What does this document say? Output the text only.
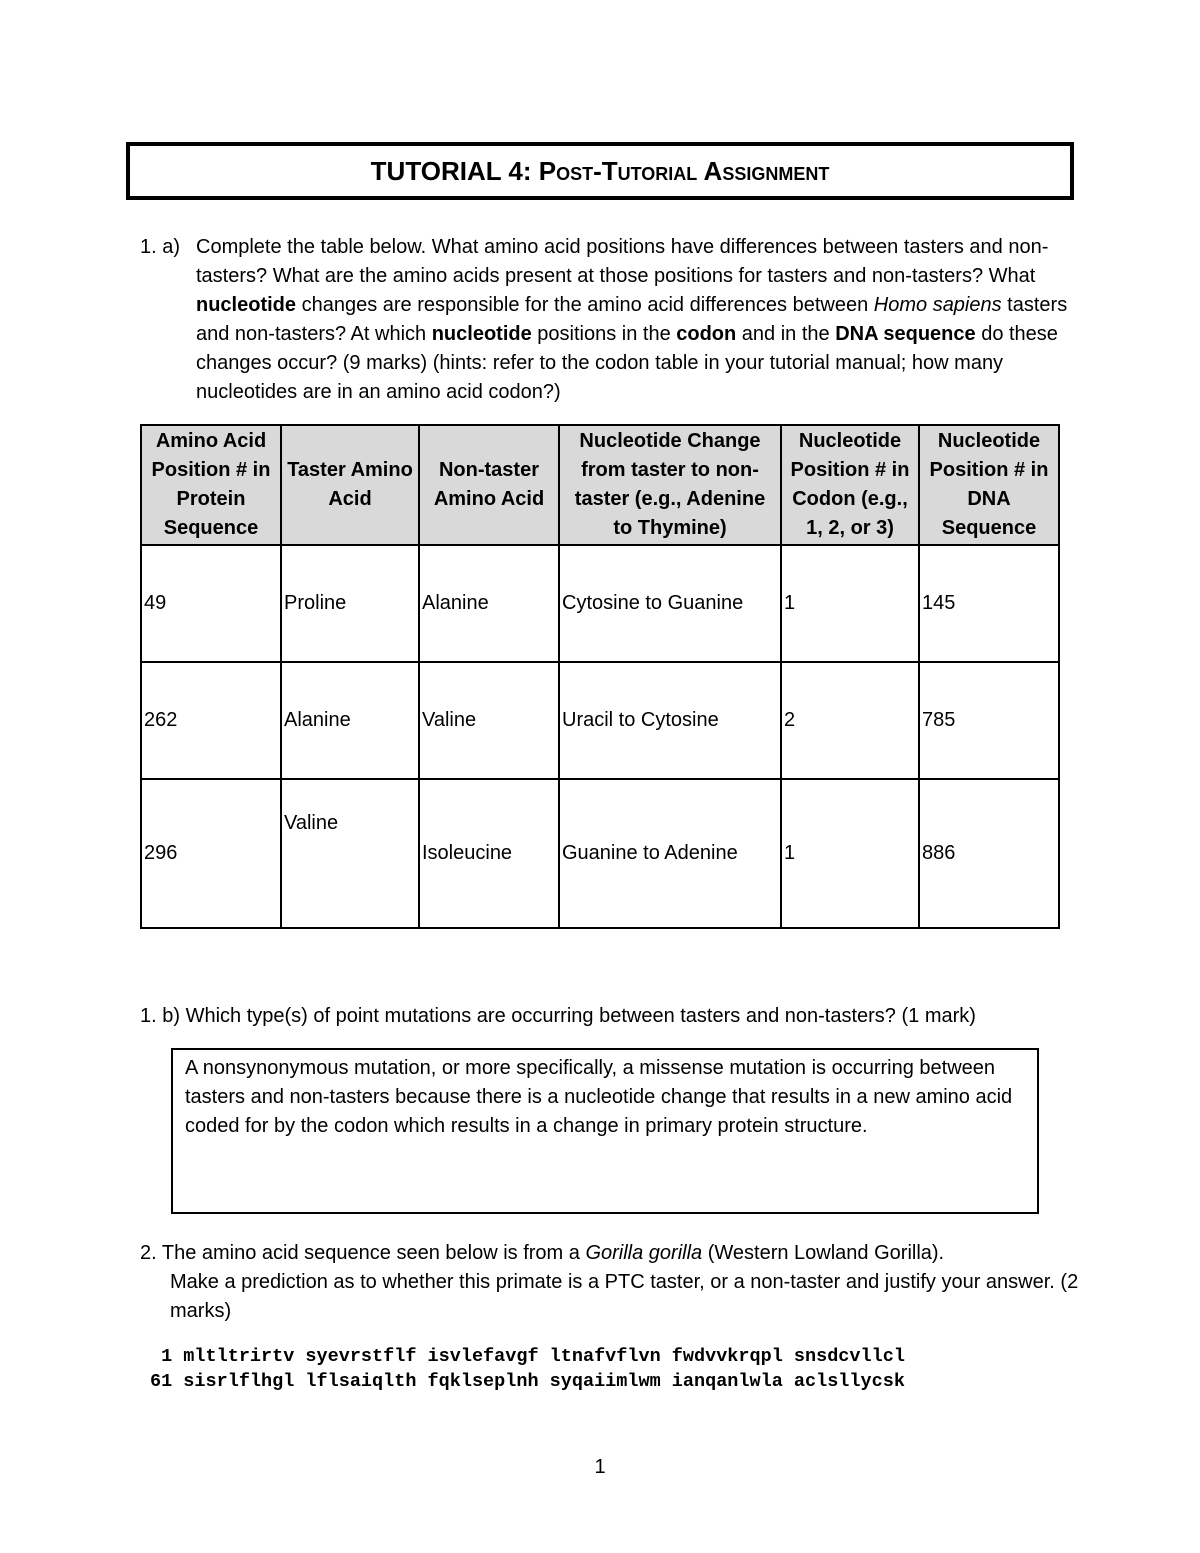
TUTORIAL 4:
Post-Tutorial Assignment
1. a) Complete the table below. What amino acid positions have differences between tasters and non-tasters? What are the amino acids present at those positions for tasters and non-tasters? What nucleotide changes are responsible for the amino acid differences between Homo sapiens tasters and non-tasters? At which nucleotide positions in the codon and in the DNA sequence do these changes occur? (9 marks) (hints: refer to the codon table in your tutorial manual; how many nucleotides are in an amino acid codon?)
Amino Acid Position # in Protein Sequence	Taster Amino Acid	Non-taster Amino Acid	Nucleotide Change from taster to non-taster (e.g., Adenine to Thymine)	Nucleotide Position # in Codon (e.g., 1, 2, or 3)	Nucleotide Position # in DNA Sequence
49	Proline	Alanine	Cytosine to Guanine	1	145
262	Alanine	Valine	Uracil to Cytosine	2	785
296	Valine	Isoleucine	Guanine to Adenine	1	886
1. b) Which type(s) of point mutations are occurring between tasters and non-tasters? (1 mark)
A nonsynonymous mutation, or more specifically, a missense mutation is occurring between tasters and non-tasters because there is a nucleotide change that results in a new amino acid coded for by the codon which results in a change in primary protein structure.
2. The amino acid sequence seen below is from a Gorilla gorilla (Western Lowland Gorilla).
Make a prediction as to whether this primate is a PTC taster, or a non-taster and justify your answer. (2 marks)
1 mltltrirtv syevrstflf isvlefavgf ltnafvflvn fwdvvkrqpl snsdcvllcl
61 sisrlflhgl lflsaiqlth fqklseplnh syqaiimlwm ianqanlwla aclsllycsk
1
